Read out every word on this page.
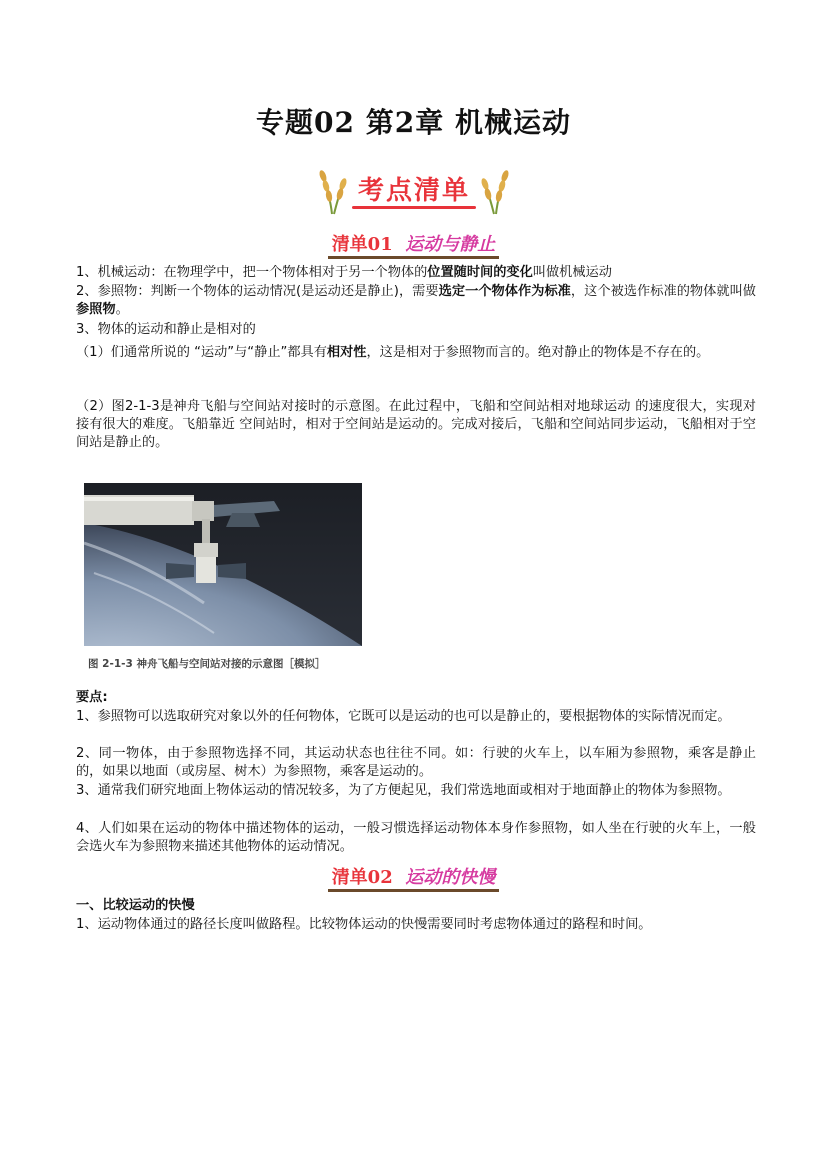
专题02 第2章 机械运动
考点清单
清单01 运动与静止

1、机械运动：在物理学中，把一个物体相对于另一个物体的位置随时间的变化叫做机械运动

2、参照物：判断一个物体的运动情况(是运动还是静止)，需要选定一个物体作为标准，这个被选作标准的物体就叫做参照物。

3、物体的运动和静止是相对的

（1）们通常所说的 “运动”与“静止”都具有相对性，这是相对于参照物而言的。绝对静止的物体是不存在的。

（2）图2-1-3是神舟飞船与空间站对接时的示意图。在此过程中，飞船和空间站相对地球运动 的速度很大，实现对接有很大的难度。飞船靠近 空间站时，相对于空间站是运动的。完成对接后，飞船和空间站同步运动，飞船相对于空间站是静止的。

图 2-1-3 神舟飞船与空间站对接的示意图［模拟］

要点:

1、参照物可以选取研究对象以外的任何物体，它既可以是运动的也可以是静止的，要根据物体的实际情况而定。

2、同一物体，由于参照物选择不同，其运动状态也往往不同。如：行驶的火车上，以车厢为参照物，乘客是静止的，如果以地面（或房屋、树木）为参照物，乘客是运动的。

3、通常我们研究地面上物体运动的情况较多，为了方便起见，我们常选地面或相对于地面静止的物体为参照物。

4、人们如果在运动的物体中描述物体的运动，一般习惯选择运动物体本身作参照物，如人坐在行驶的火车上，一般会选火车为参照物来描述其他物体的运动情况。

清单02 运动的快慢

一、比较运动的快慢

1、运动物体通过的路径长度叫做路程。比较物体运动的快慢需要同时考虑物体通过的路程和时间。
